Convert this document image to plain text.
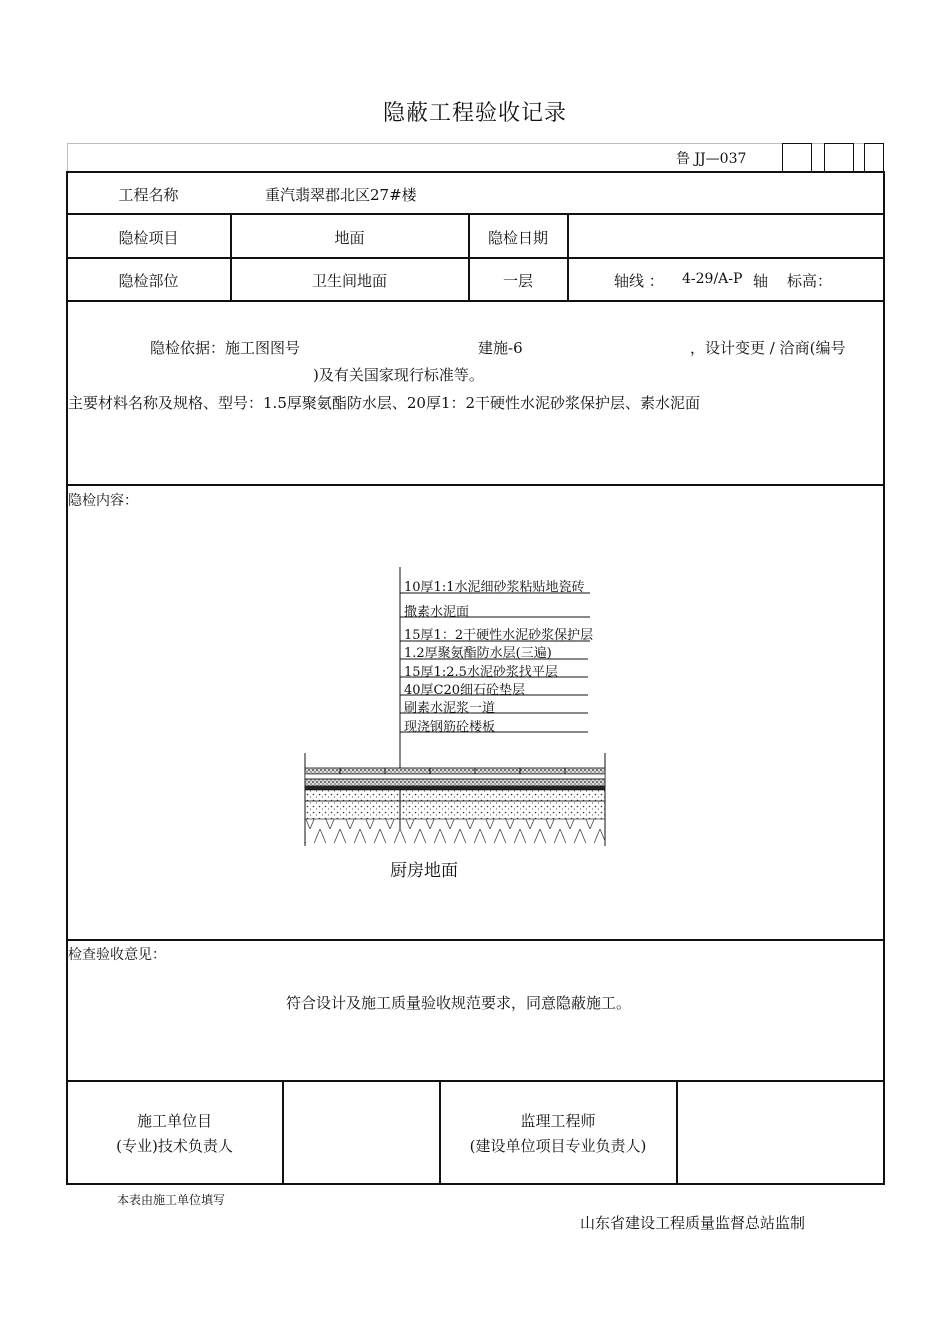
隐蔽工程验收记录
鲁 JJ—037
工程名称	重汽翡翠郡北区27#楼
隐检项目	地面	隐检日期
隐检部位	卫生间地面	一层	轴线 ： 4-29/A-P 轴 标高：
隐检依据：施工图图号	建施-6	，设计变更 / 洽商(编号
)及有关国家现行标准等。
主要材料名称及规格、型号：1.5厚聚氨酯防水层、20厚1：2干硬性水泥砂浆保护层、素水泥面
隐检内容：
10厚1:1水泥细砂浆粘贴地瓷砖
撒素水泥面
15厚1：2干硬性水泥砂浆保护层
1.2厚聚氨酯防水层(三遍)
15厚1:2.5水泥砂浆找平层
40厚C20细石砼垫层
刷素水泥浆一道
现浇钢筋砼楼板
厨房地面
检查验收意见：
符合设计及施工质量验收规范要求，同意隐蔽施工。
施工单位目
(专业)技术负责人
监理工程师
(建设单位项目专业负责人)
本表由施工单位填写
山东省建设工程质量监督总站监制
